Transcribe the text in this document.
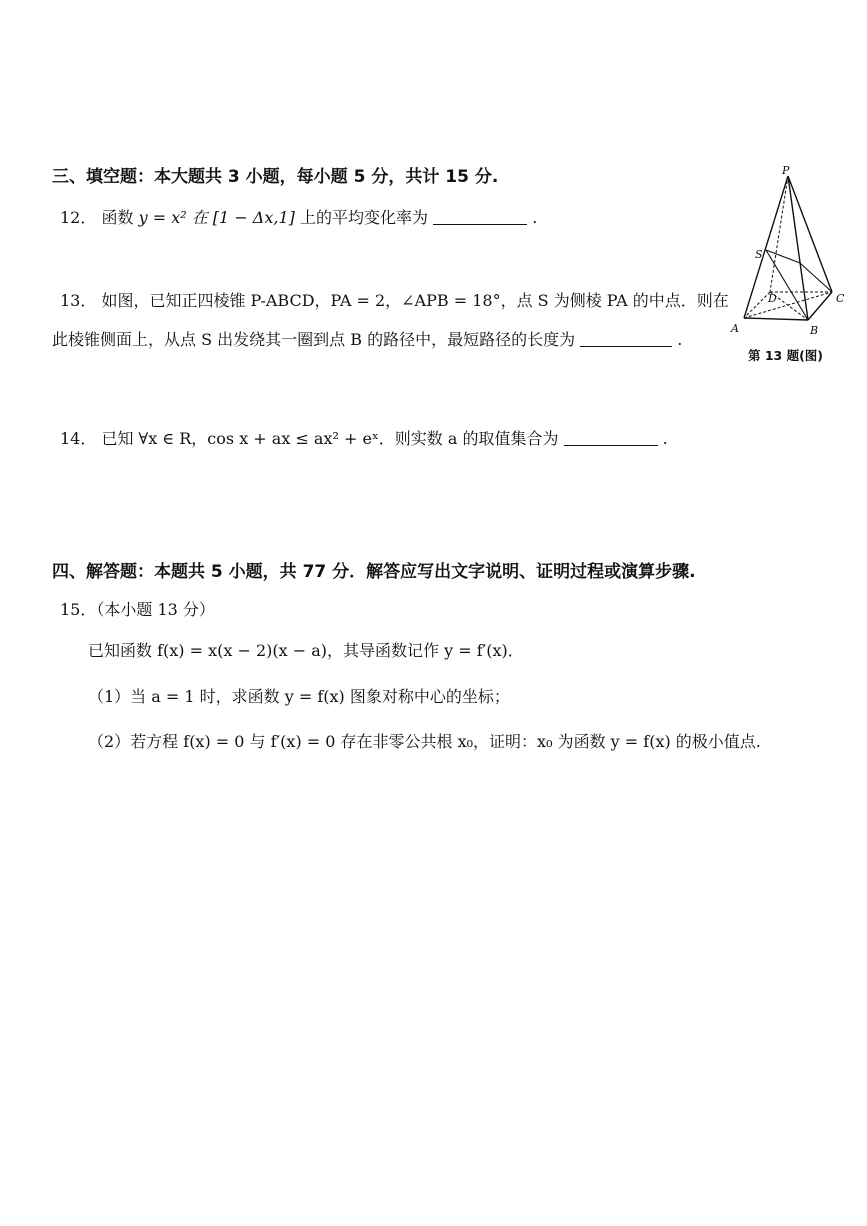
三、填空题：本大题共 3 小题，每小题 5 分，共计 15 分.
12． 函数 y = x² 在 [1 − Δx,1] 上的平均变化率为	.
13． 如图，已知正四棱锥 P-ABCD，PA = 2，∠APB = 18°，点 S 为侧棱 PA 的中点．则在
此棱锥侧面上，从点 S 出发绕其一圈到点 B 的路径中，最短路径的长度为	.
P
S
A	B
C
D
第 13 题(图)
14． 已知 ∀x ∈ R，cos x + ax ≤ ax² + eˣ．则实数 a 的取值集合为	.
四、解答题：本题共 5 小题，共 77 分．解答应写出文字说明、证明过程或演算步骤.
15．（本小题 13 分）
已知函数 f(x) = x(x − 2)(x − a)，其导函数记作 y = f′(x)．
（1）当 a = 1 时，求函数 y = f(x) 图象对称中心的坐标；
（2）若方程 f(x) = 0 与 f′(x) = 0 存在非零公共根 x₀，证明：x₀ 为函数 y = f(x) 的极小值点.
